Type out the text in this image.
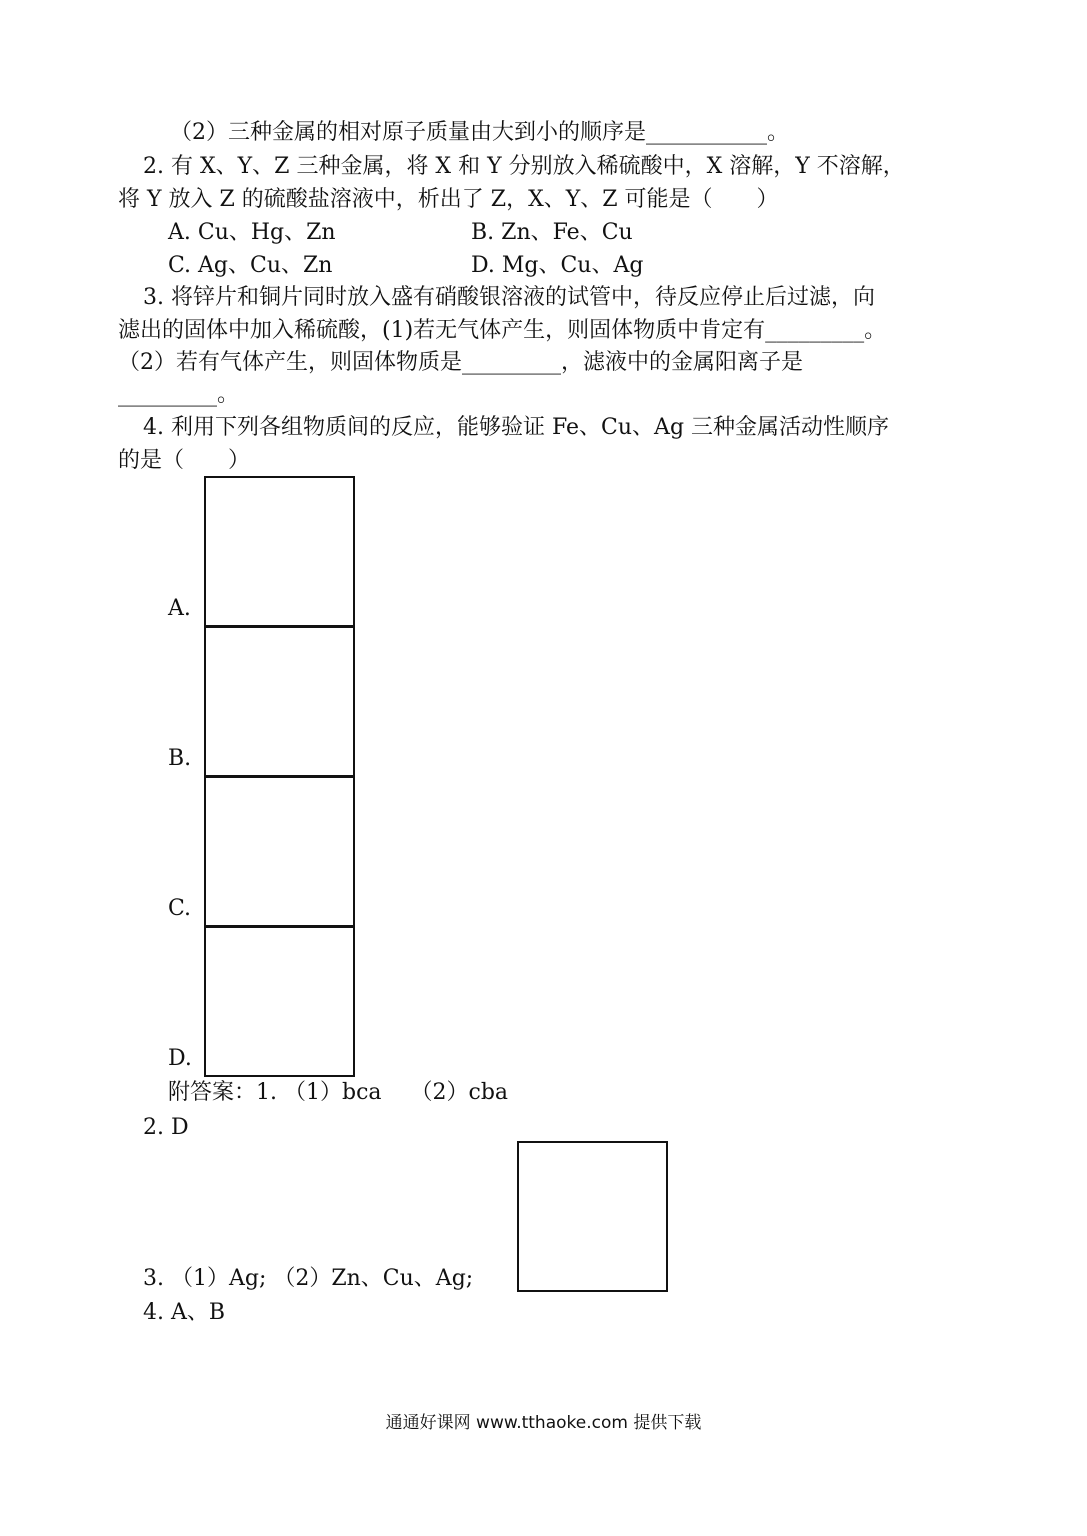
（2）三种金属的相对原子质量由大到小的顺序是___________。
2. 有 X、Y、Z 三种金属，将 X 和 Y 分别放入稀硫酸中，X 溶解，Y 不溶解，
将 Y 放入 Z 的硫酸盐溶液中，析出了 Z，X、Y、Z 可能是（　　）
A. Cu、Hg、Zn	B. Zn、Fe、Cu
C. Ag、Cu、Zn	D. Mg、Cu、Ag
3. 将锌片和铜片同时放入盛有硝酸银溶液的试管中，待反应停止后过滤，向
滤出的固体中加入稀硫酸，(1)若无气体产生，则固体物质中肯定有_________。
（2）若有气体产生，则固体物质是_________，滤液中的金属阳离子是
_________。
4. 利用下列各组物质间的反应，能够验证 Fe、Cu、Ag 三种金属活动性顺序
的是（　　）
A.
B.
C.
D.
附答案：1. （1）bca　 （2）cba
2. D
3. （1）Ag; （2）Zn、Cu、Ag;
4. A、B
通通好课网 www.tthaoke.com 提供下载
